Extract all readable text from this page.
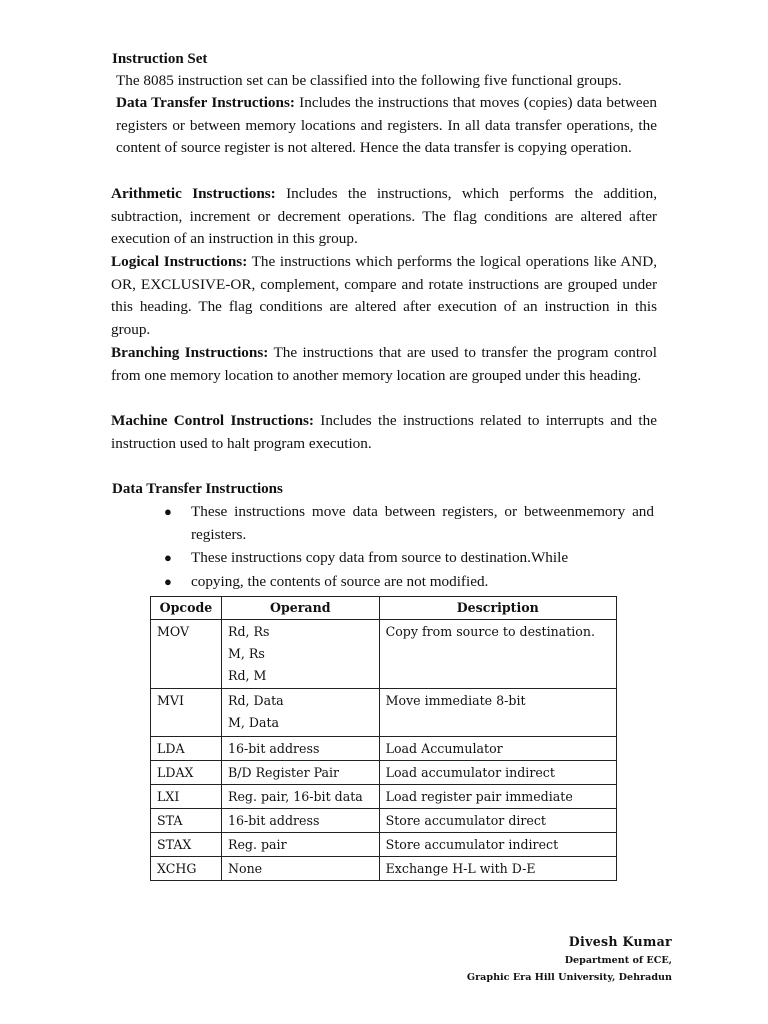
Instruction Set

The 8085 instruction set can be classified into the following five functional groups.

Data Transfer Instructions: Includes the instructions that moves (copies) data between registers or between memory locations and registers. In all data transfer operations, the content of source register is not altered. Hence the data transfer is copying operation.

Arithmetic Instructions: Includes the instructions, which performs the addition, subtraction, increment or decrement operations. The flag conditions are altered after execution of an instruction in this group.

Logical Instructions: The instructions which performs the logical operations like AND, OR, EXCLUSIVE-OR, complement, compare and rotate instructions are grouped under this heading. The flag conditions are altered after execution of an instruction in this group.

Branching Instructions: The instructions that are used to transfer the program control from one memory location to another memory location are grouped under this heading.

Machine Control Instructions: Includes the instructions related to interrupts and the instruction used to halt program execution.

Data Transfer Instructions
● These instructions move data between registers, or betweenmemory and registers.
● These instructions copy data from source to destination.While
● copying, the contents of source are not modified.
Opcode	Operand	Description
MOV	Rd, Rs
M, Rs
Rd, M	Copy from source to destination.
MVI	Rd, Data
M, Data	Move immediate 8-bit
LDA	16-bit address	Load Accumulator
LDAX	B/D Register Pair	Load accumulator indirect
LXI	Reg. pair, 16-bit data	Load register pair immediate
STA	16-bit address	Store accumulator direct
STAX	Reg. pair	Store accumulator indirect
XCHG	None	Exchange H-L with D-E
Divesh Kumar
Department of ECE,
Graphic Era Hill University, Dehradun
